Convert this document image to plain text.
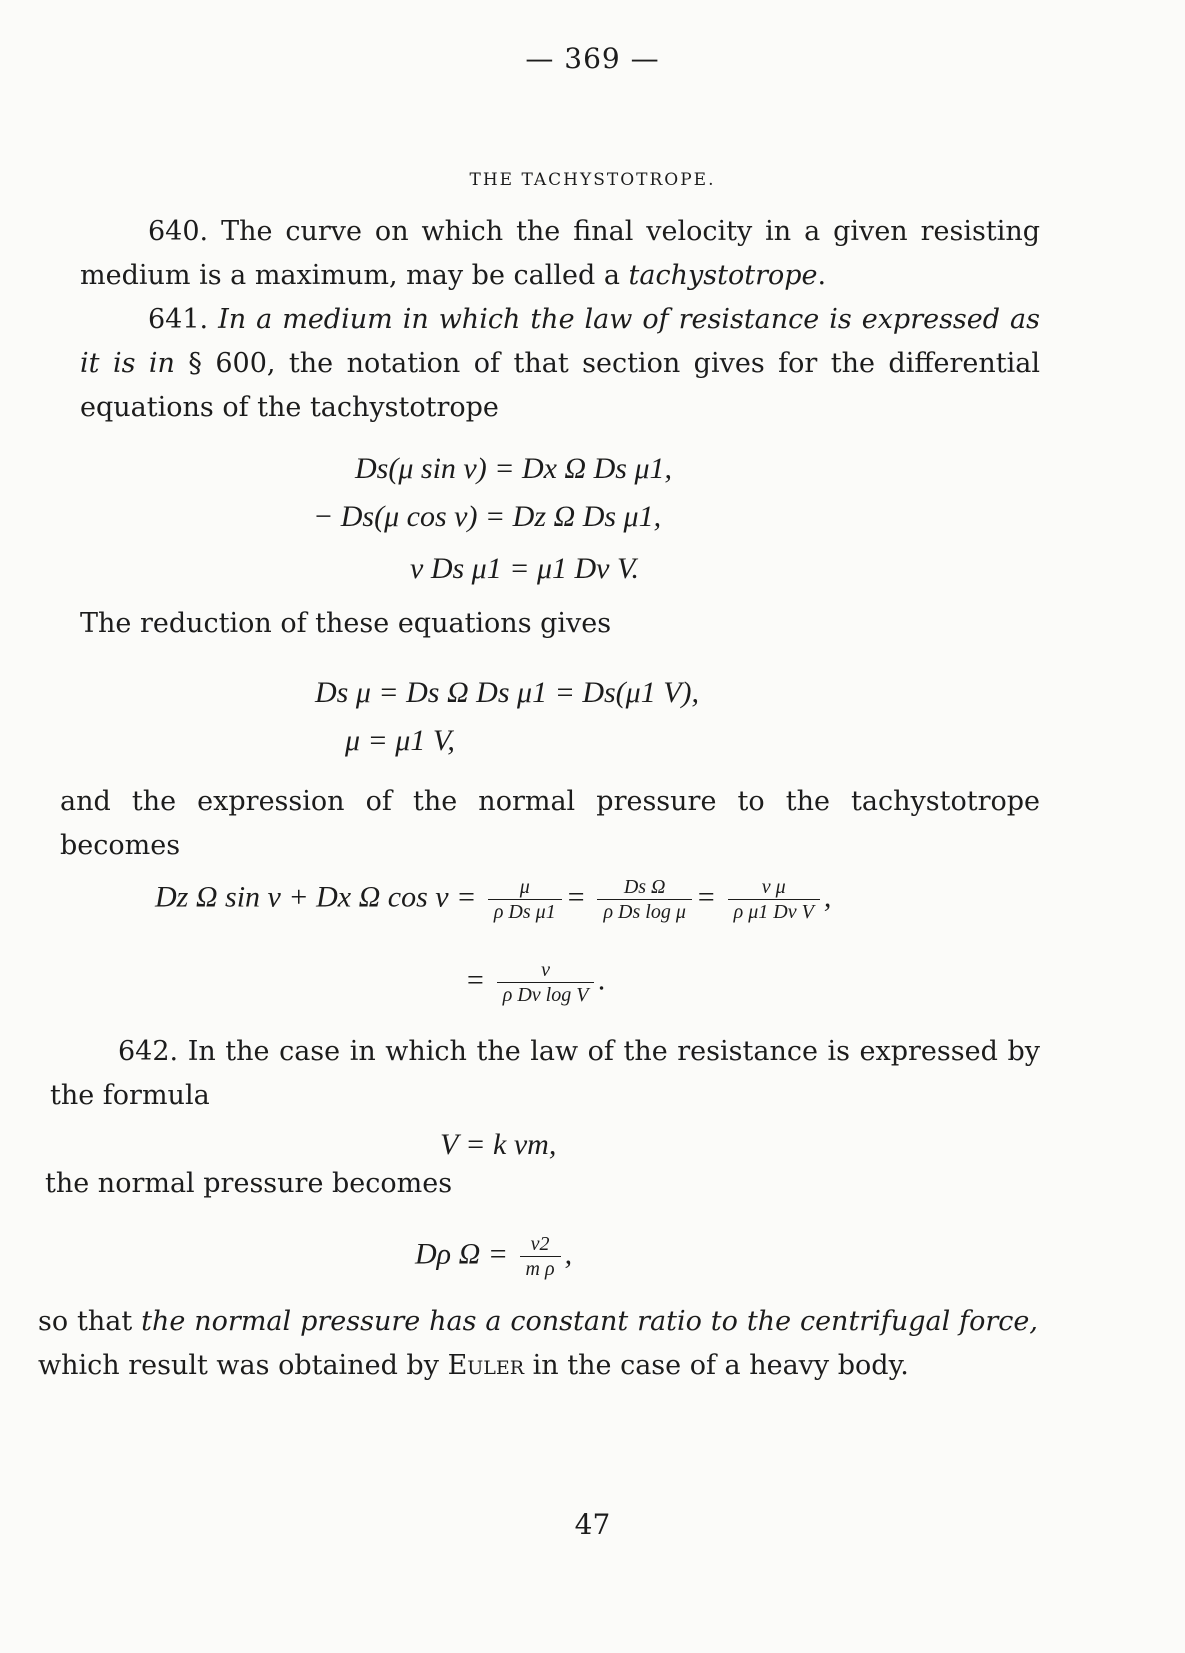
— 369 —
THE TACHYSTOTROPE.

640. The curve on which the final velocity in a given resisting medium is a maximum, may be called a tachystotrope.

641. In a medium in which the law of resistance is expressed as it is in § 600, the notation of that section gives for the differential equations of the tachystotrope

Ds(μ sin ν) = Dx Ω Ds μ1,
− Ds(μ cos ν) = Dz Ω Ds μ1,
v Ds μ1 = μ1 Dv V.

The reduction of these equations gives

Ds μ = Ds Ω Ds μ1 = Ds(μ1 V),
μ = μ1 V,

and the expression of the normal pressure to the tachystotrope becomes

Dz Ω sin ν + Dx Ω $\cos \nu = \frac{\mu}{\text{ρ Ds μ1}} = \frac{\text{Ds Ω}}{\text{ρ Ds log μ}} = \frac{\text{v μ}}{\text{ρ μ1 Dv V}}$ ,
= $\frac{v}{\text{ρ Dv log V}}$ .

642. In the case in which the law of the resistance is expressed by the formula

V = k vm,

the normal pressure becomes

Dρ $\Omega = \frac{v2}{\text{m ρ}}$ ,

so that the normal pressure has a constant ratio to the centrifugal force, which result was obtained by Euler in the case of a heavy body.

47
